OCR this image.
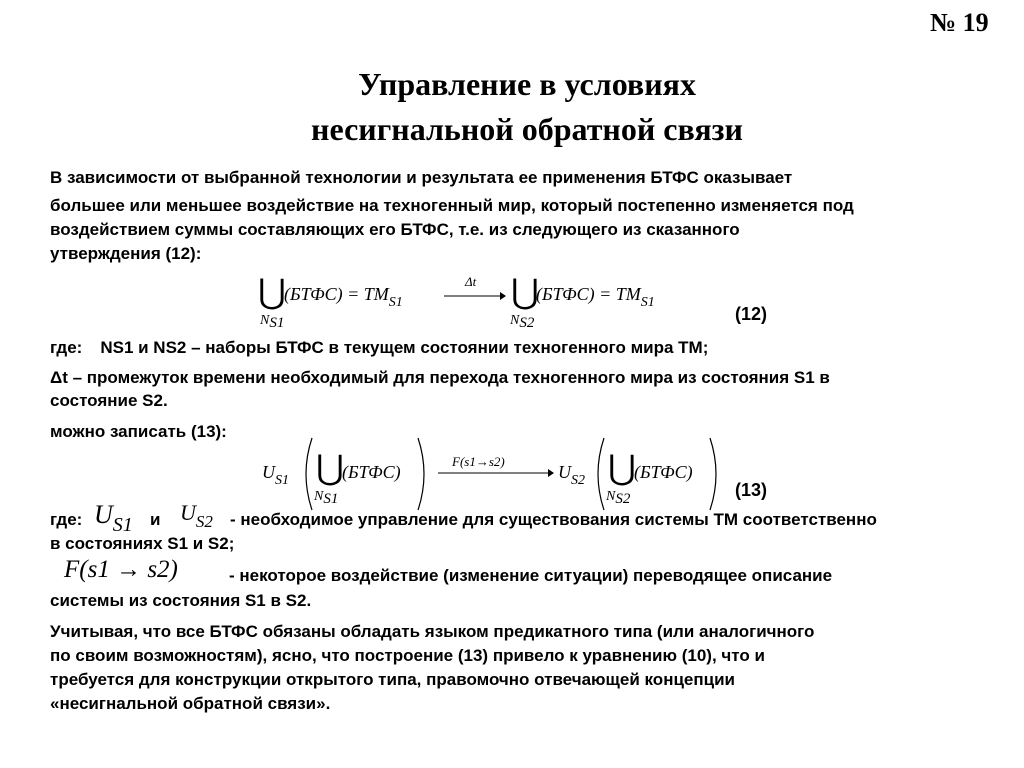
№ 19
Управление в условиях
несигнальной обратной связи
В зависимости от выбранной технологии и результата ее применения БТФС оказывает
большее или меньшее воздействие на техногенный мир, который постепенно изменяется под
воздействием суммы составляющих его БТФС, т.е. из следующего из сказанного
утверждения (12):
⋃
NS1
(БТФС) = $ТМ_{S1}$
Δt ⋃
NS2
(БТФС) = $ТМ_{S1}$
(12)
где: NS1 и NS2 – наборы БТФС в текущем состоянии техногенного мира ТМ;
Δt – промежуток времени необходимый для перехода техногенного мира из состояния S1 в
состояние S2.
можно записать (13):
$U_{S1}$ ⋃
NS1
(БТФС)
F(s1→s2)
$U_{S2}$ ⋃
NS2
(БТФС)
(13)
где: $U_{S1}$ и $U_{S2}$ - необходимое управление для существования системы ТМ соответственно
в состояниях S1 и S2;
F(s1 → s2)	- некоторое воздействие (изменение ситуации) переводящее описание
системы из состояния S1 в S2.
Учитывая, что все БТФС обязаны обладать языком предикатного типа (или аналогичного
по своим возможностям), ясно, что построение (13) привело к уравнению (10), что и
требуется для конструкции открытого типа, правомочно отвечающей концепции
«несигнальной обратной связи».
